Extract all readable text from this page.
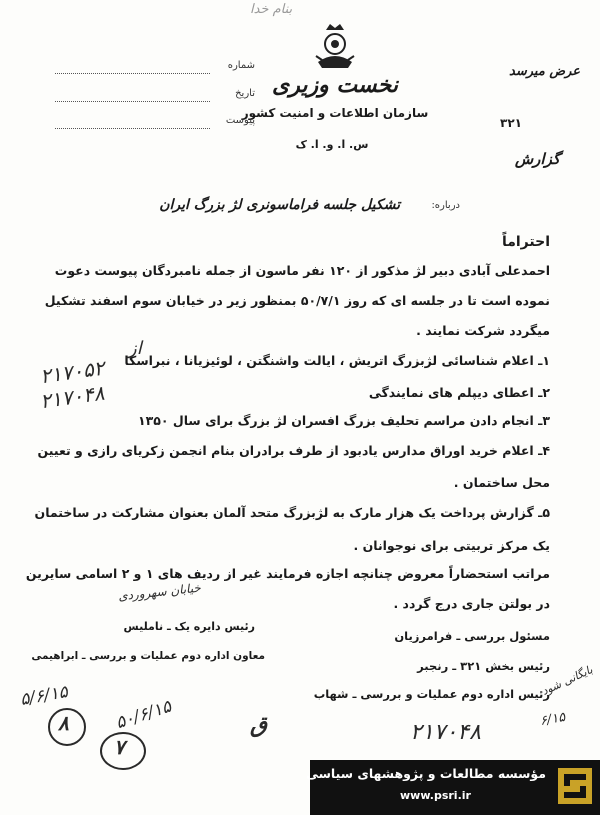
بنام خدا
نخست وزیری
سازمان اطلاعات و امنیت کشور
س. ا. و. ا. ک
شماره
تاریخ
پیوست
عرض میرسد
۳۲۱
گزارش
درباره:
تشکیل جلسه فراماسونری لژ بزرگ ایران
احتراماً
احمدعلی آبادی دبیر لژ مذکور از ۱۲۰ نفر ماسون از جمله نامبردگان پیوست دعوت
نموده است تا در جلسه ای که روز ۵۰/۷/۱ بمنظور زیر در خیابان سوم اسفند تشکیل
میگردد شرکت نمایند .
۱ـ اعلام شناسائی لژبزرگ اتریش ، ایالت واشنگتن ، لوئیزیانا ، نبراسکا
۲ـ اعطای دیپلم های نمایندگی
۳ـ انجام دادن مراسم تحلیف بزرگ افسران لژ بزرگ برای سال ۱۳۵۰
۴ـ اعلام خرید اوراق مدارس یادبود از طرف برادران بنام انجمن زکریای رازی و تعیین
محل ساختمان .
۵ـ گزارش پرداخت یک هزار مارک به لژبزرگ متحد آلمان بعنوان مشارکت در ساختمان
یک مرکز تربیتی برای نوجوانان .
مراتب استحضاراً معروض چنانچه اجازه فرمایند غیر از ردیف های ۱ و ۲ اسامی سایرین
در بولتن جاری درج گردد .
مسئول بررسی ـ فرامرزیان
رئیس بخش ۳۲۱ ـ رنجبر
رئیس اداره دوم عملیات و بررسی ـ شهاب
رئیس دایره یک ـ ناملیس
معاون اداره دوم عملیات و بررسی ـ ابراهیمی
۲۱۷۰۵۲
۲۱۷۰۴۸
از
خیابان سهروردی
۵/۶/۱۵
۵۰/۶/۱۵	۶/۱۵
ق	۲۱۷۰۴۸
بایگانی شود
۸
۷
مؤسسه مطالعات و پژوهشهای سیاسی
www.psri.ir
